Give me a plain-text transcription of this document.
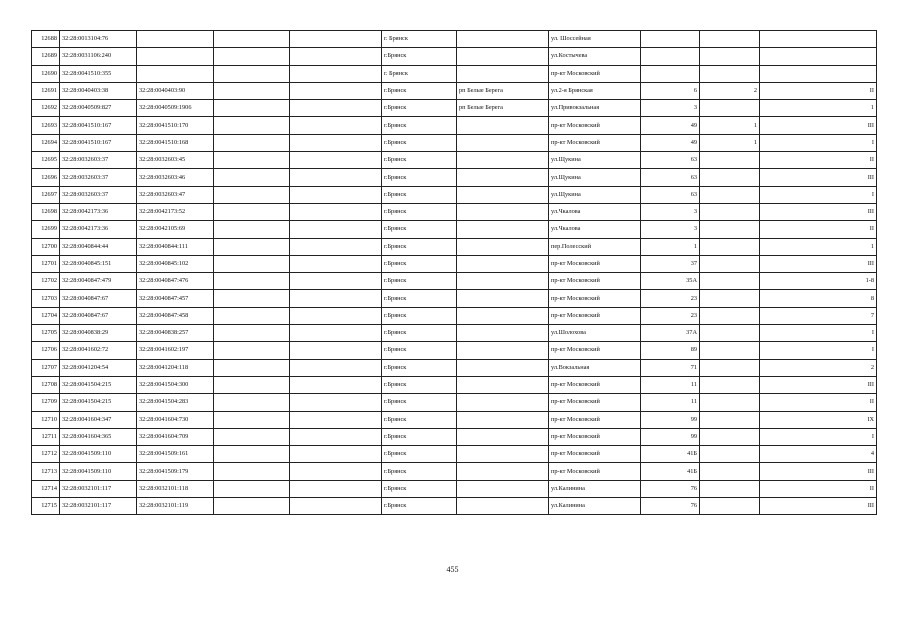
12688	32:28:0013104:76				г. Брянск		ул. Шоссейная			
12689	32:28:0031106:240				г.Брянск		ул.Костычева			
12690	32:28:0041510:355				г. Брянск		пр-кт Московский			
12691	32:28:0040403:38	32:28:0040403:90			г.Брянск	рп Белые Берега	ул.2-я Брянская	6	2	II
12692	32:28:0040509:827	32:28:0040509:1906			г.Брянск	рп Белые Берега	ул.Привокзальная	3		1
12693	32:28:0041510:167	32:28:0041510:170			г.Брянск		пр-кт Московский	49	1	III
12694	32:28:0041510:167	32:28:0041510:168			г.Брянск		пр-кт Московский	49	1	I
12695	32:28:0032603:37	32:28:0032603:45			г.Брянск		ул.Щукина	63		II
12696	32:28:0032603:37	32:28:0032603:46			г.Брянск		ул.Щукина	63		III
12697	32:28:0032603:37	32:28:0032603:47			г.Брянск		ул.Щукина	63		I
12698	32:28:0042173:36	32:28:0042173:52			г.Брянск		ул.Чкалова	3		III
12699	32:28:0042173:36	32:28:0042105:69			г.Брянск		ул.Чкалова	3		II
12700	32:28:0040844:44	32:28:0040844:111			г.Брянск		пер.Полесский	1		1
12701	32:28:0040845:151	32:28:0040845:102			г.Брянск		пр-кт Московский	37		III
12702	32:28:0040847:479	32:28:0040847:476			г.Брянск		пр-кт Московский	35А		1-8
12703	32:28:0040847:67	32:28:0040847:457			г.Брянск		пр-кт Московский	23		8
12704	32:28:0040847:67	32:28:0040847:458			г.Брянск		пр-кт Московский	23		7
12705	32:28:0040838:29	32:28:0040838:257			г.Брянск		ул.Шолохова	37А		I
12706	32:28:0041602:72	32:28:0041602:197			г.Брянск		пр-кт Московский	89		I
12707	32:28:0041204:54	32:28:0041204:118			г.Брянск		ул.Вокзальная	71		2
12708	32:28:0041504:215	32:28:0041504:300			г.Брянск		пр-кт Московский	11		III
12709	32:28:0041504:215	32:28:0041504:283			г.Брянск		пр-кт Московский	11		II
12710	32:28:0041604:347	32:28:0041604:730			г.Брянск		пр-кт Московский	99		IX
12711	32:28:0041604:365	32:28:0041604:709			г.Брянск		пр-кт Московский	99		I
12712	32:28:0041509:110	32:28:0041509:161			г.Брянск		пр-кт Московский	41Б		4
12713	32:28:0041509:110	32:28:0041509:179			г.Брянск		пр-кт Московский	41Б		III
12714	32:28:0032101:117	32:28:0032101:118			г.Брянск		ул.Калинина	76		II
12715	32:28:0032101:117	32:28:0032101:119			г.Брянск		ул.Калинина	76		III
455
